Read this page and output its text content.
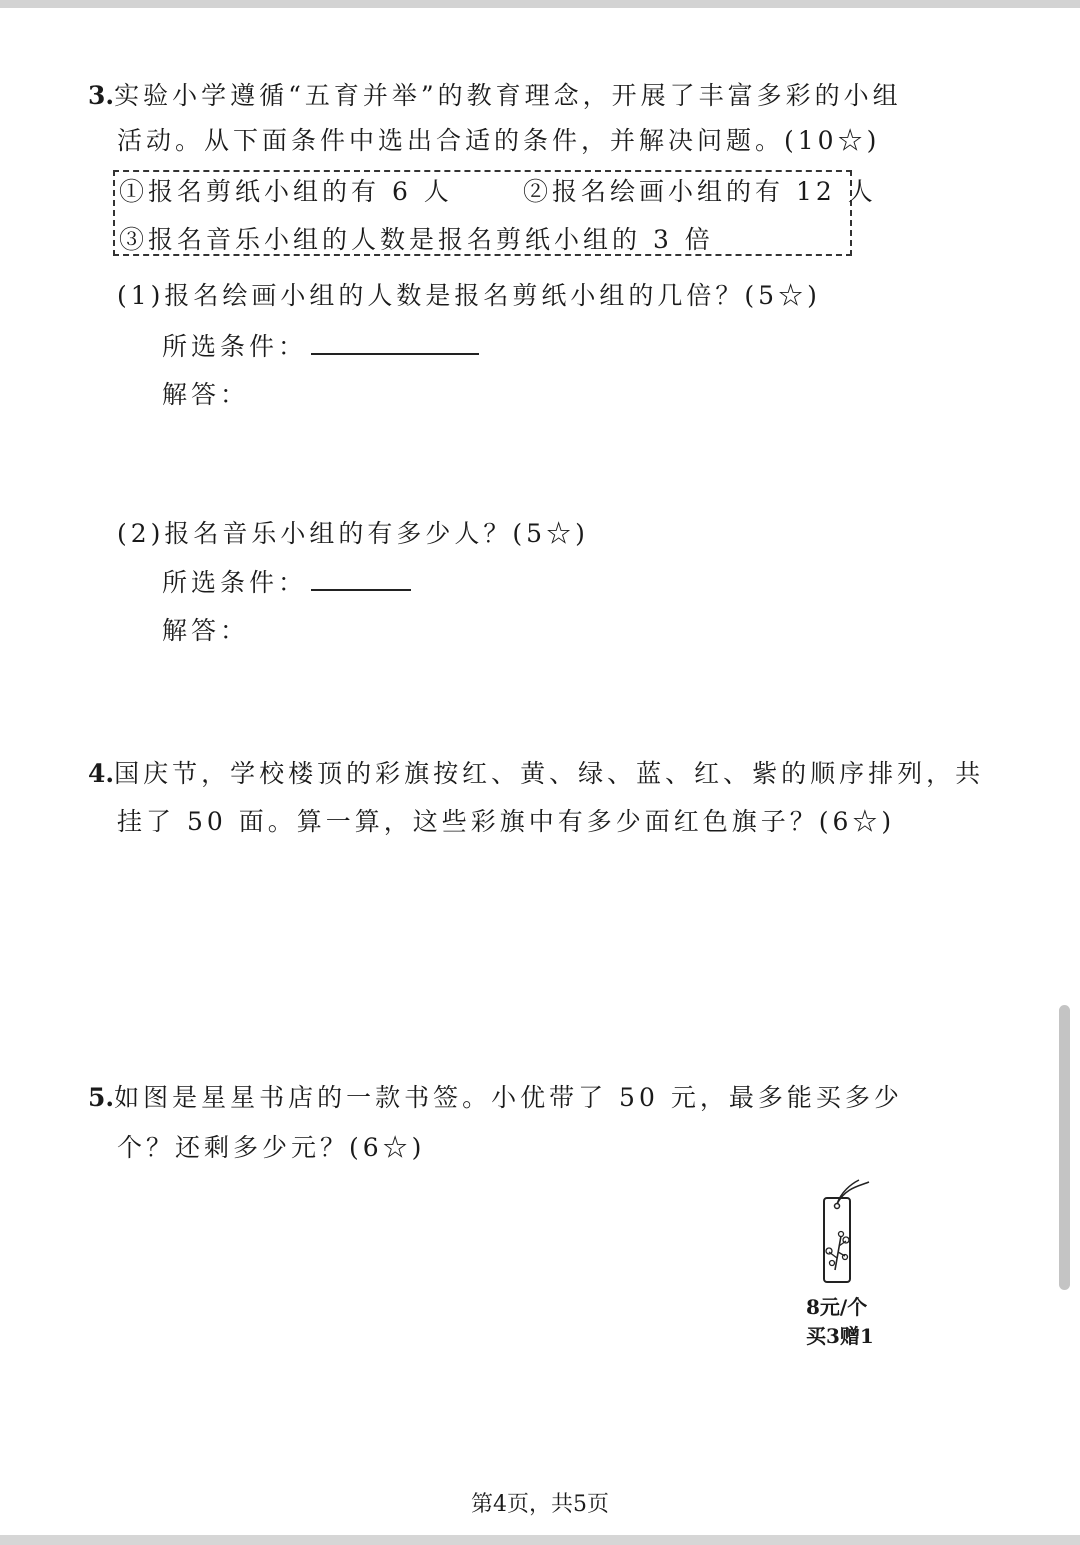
3.实验小学遵循“五育并举”的教育理念，开展了丰富多彩的小组
活动。从下面条件中选出合适的条件，并解决问题。(10☆)
①报名剪纸小组的有 6 人	②报名绘画小组的有 12 人
③报名音乐小组的人数是报名剪纸小组的 3 倍
(1)报名绘画小组的人数是报名剪纸小组的几倍？(5☆)
所选条件：
解答：
(2)报名音乐小组的有多少人？(5☆)
所选条件：
解答：
4.国庆节，学校楼顶的彩旗按红、黄、绿、蓝、红、紫的顺序排列，共
挂了 50 面。算一算，这些彩旗中有多少面红色旗子？(6☆)
5.如图是星星书店的一款书签。小优带了 50 元，最多能买多少
个？还剩多少元？(6☆)
8元/个
买3赠1
第4页，共5页
